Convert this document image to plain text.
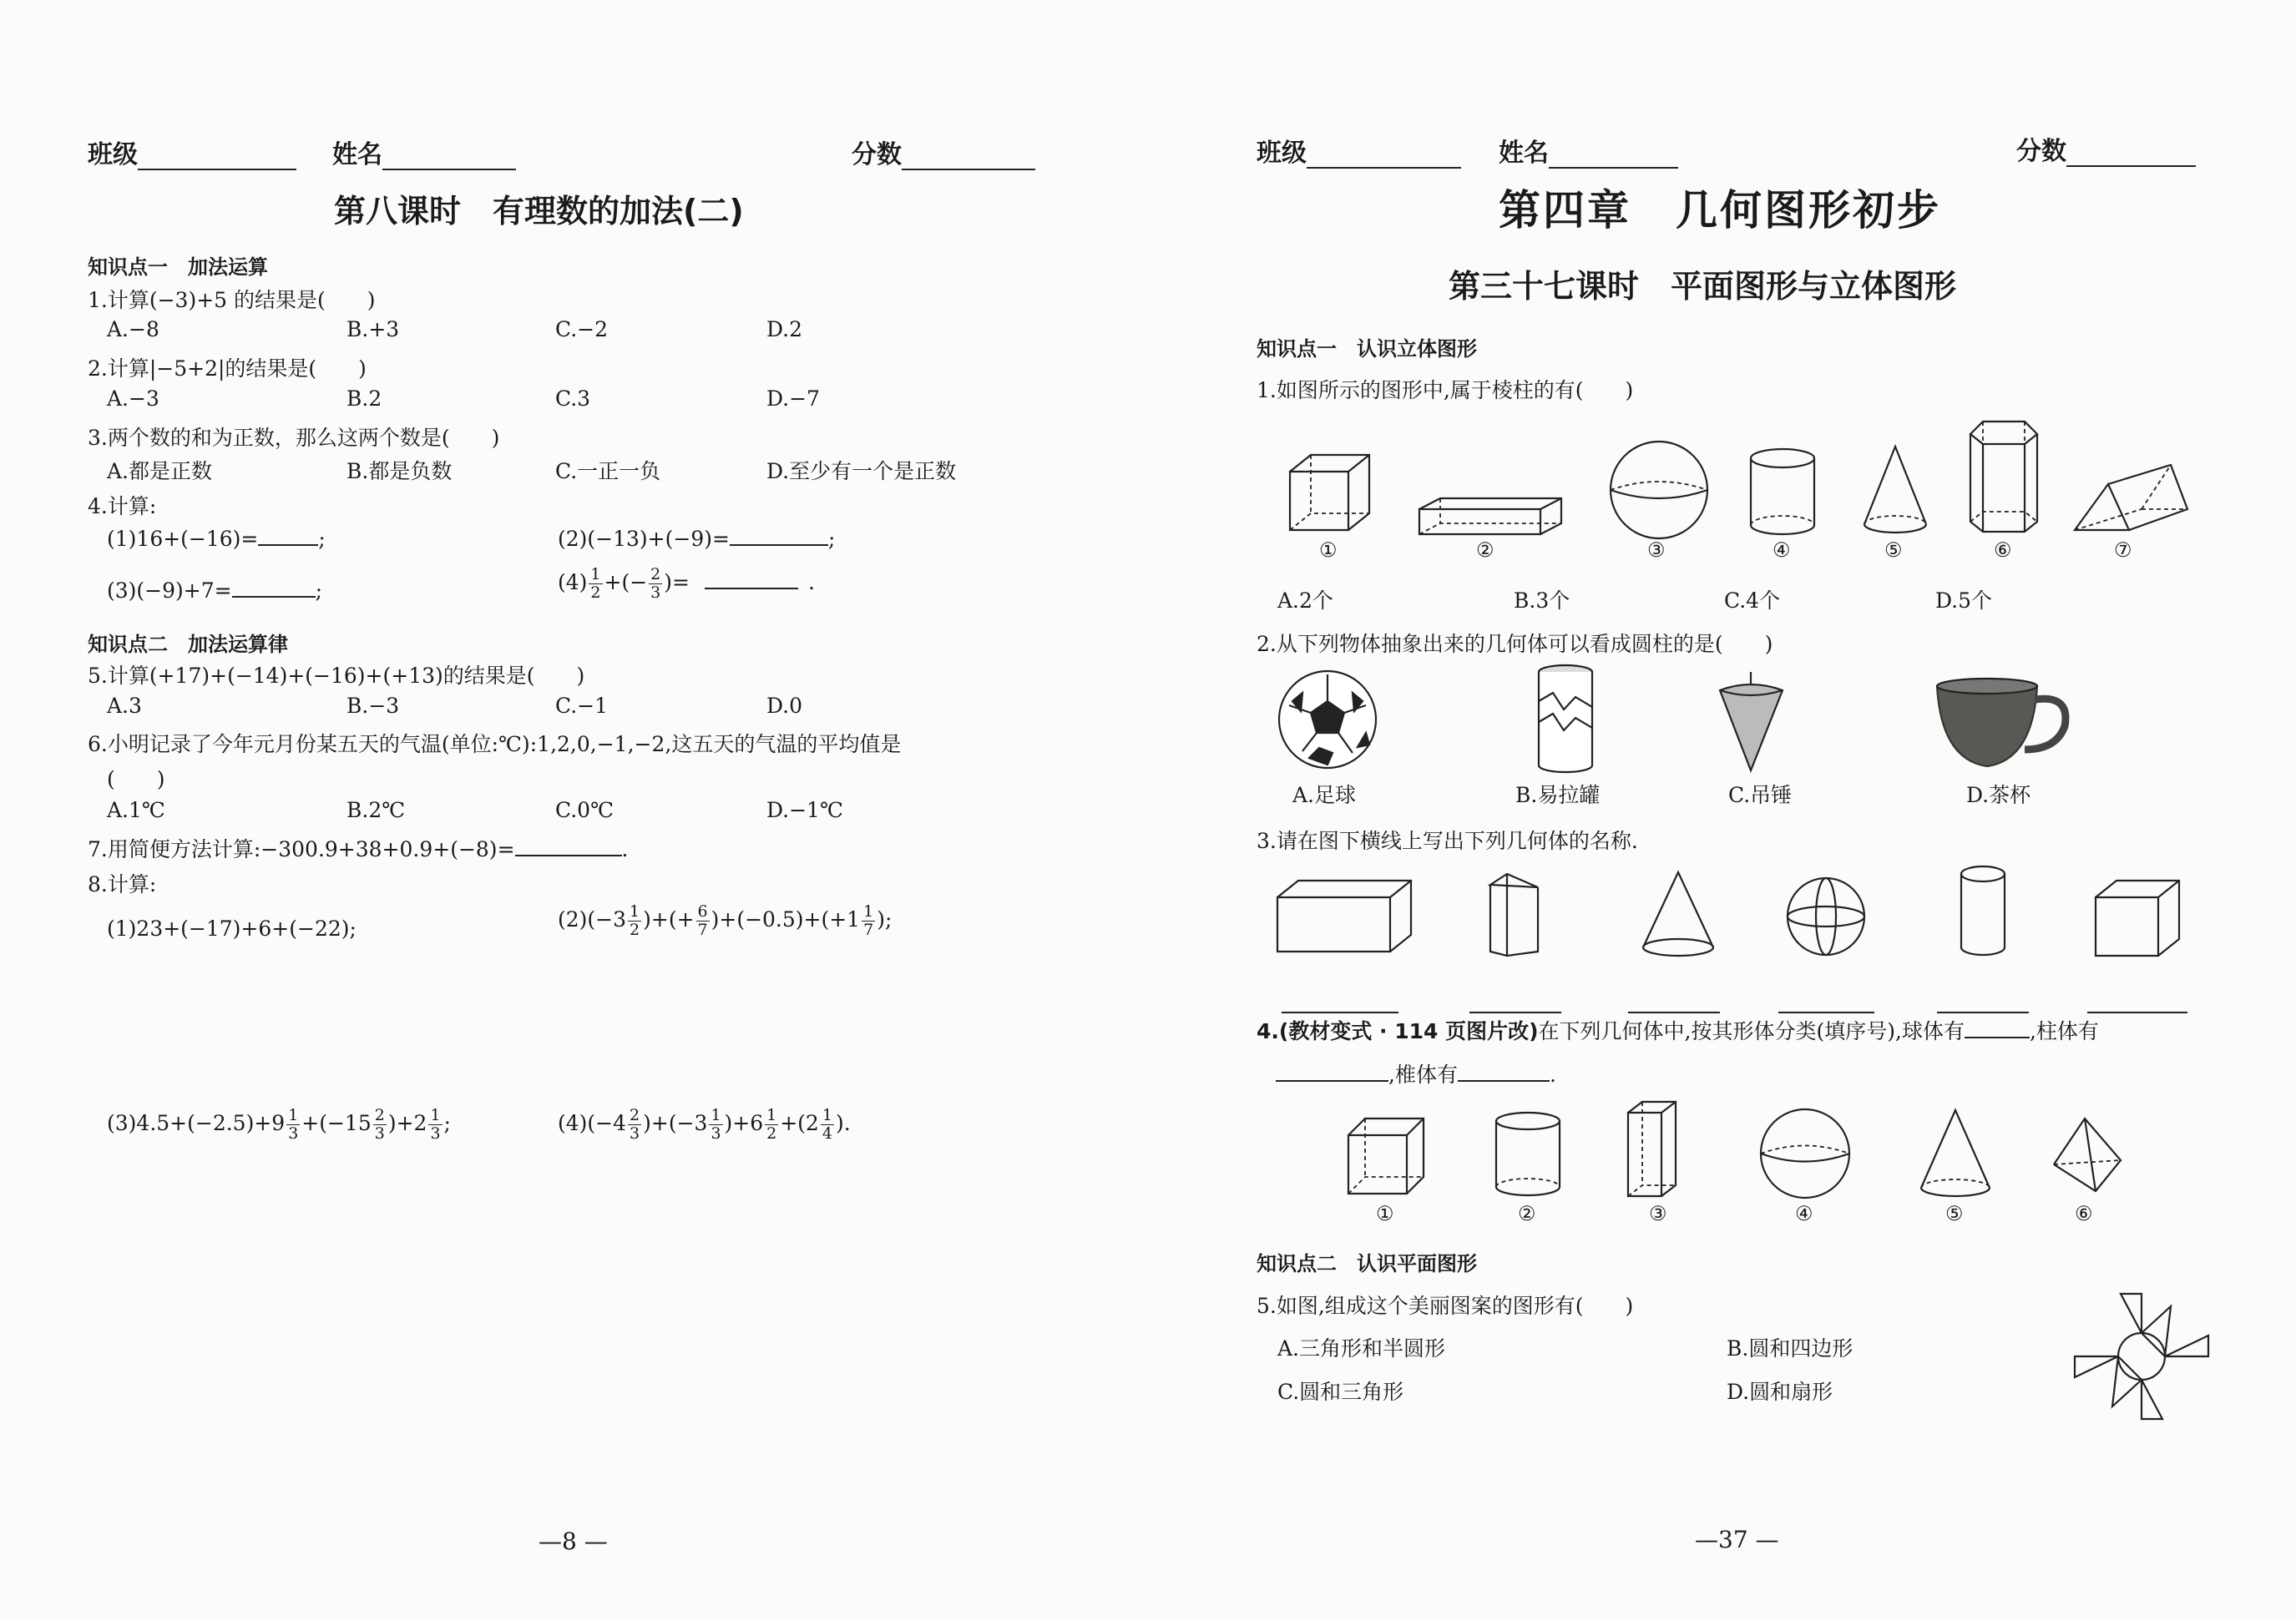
班级	姓名	分数
第八课时　有理数的加法(二)
知识点一　加法运算
1.计算(−3)+5 的结果是(　　)
A.−8	B.+3	C.−2	D.2
2.计算|−5+2|的结果是(　　)
A.−3	B.2	C.3	D.−7
3.两个数的和为正数，那么这两个数是(　　)
A.都是正数	B.都是负数	C.一正一负	D.至少有一个是正数
4.计算:
(1)16+(−16)=	;	(2)(−13)+(−9)=	;
(3)(−9)+7=	;	$(4) \frac{1}{2}$ +(− $\frac{2}{3}$ )=	.
知识点二　加法运算律
5.计算(+17)+(−14)+(−16)+(+13)的结果是(　　)
A.3	B.−3	C.−1	D.0
6.小明记录了今年元月份某五天的气温(单位:℃):1,2,0,−1,−2,这五天的气温的平均值是
(　　)
A.1℃	B.2℃	C.0℃	D.−1℃
7.用简便方法计算:−300.9+38+0.9+(−8)=	.
8.计算:
(1)23+(−17)+6+(−22);	$(2)(-3 \frac{1}{2}$ )+(+ $\frac{6}{7} )+(-0.5)+(+1 \frac{1}{7}$ );
$(3)4.5+(-2.5)+9 \frac{1}{3} +(-15 \frac{2}{3} )+2 \frac{1}{3}$ ;	$(4)(-4 \frac{2}{3} )+(-3 \frac{1}{3} )+6 \frac{1}{2} +(2 \frac{1}{4}$ ).
—8 —
班级	姓名	分数
第四章　几何图形初步
第三十七课时　平面图形与立体图形
知识点一　认识立体图形
1.如图所示的图形中,属于棱柱的有(　　)
①	②	③	④	⑤	⑥	⑦
A.2个	B.3个	C.4个	D.5个
2.从下列物体抽象出来的几何体可以看成圆柱的是(　　)
A.足球	B.易拉罐	C.吊锤	D.茶杯
3.请在图下横线上写出下列几何体的名称.
4.(教材变式 · 114 页图片改)在下列几何体中,按其形体分类(填序号),球体有	,柱体有
,椎体有	.
①	②	③	④	⑤	⑥
知识点二　认识平面图形
5.如图,组成这个美丽图案的图形有(　　)
A.三角形和半圆形	B.圆和四边形
C.圆和三角形	D.圆和扇形
—37 —
